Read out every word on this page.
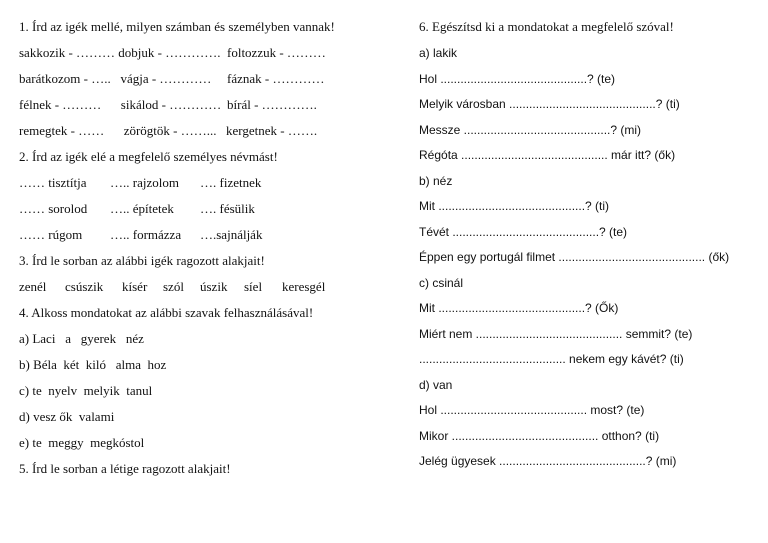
1. Írd az igék mellé, milyen számban és személyben vannak!

sakkozik - ……… dobjuk - ………….

foltozzuk - ………

barátkozom - …..   vágja - …………

fáznak - …………

félnek - ………      sikálod - …………

bírál - ………….

remegtek - ……      zörögtök - ……...

kergetnek - …….

2. Írd az igék elé a megfelelő személyes névmást!

…… tisztítja

….. rajzolom

…. fizetnek

…… sorolod

….. építetek

…. fésülik

…… rúgom

….. formázza

….sajnálják

3. Írd le sorban az alábbi igék ragozott alakjait!

zenél

csúszik

kísér

szól

úszik

síel

keresgél

4. Alkoss mondatokat az alábbi szavak felhasználásával!
a) Laci   a   gyerek   néz
b) Béla  két  kiló   alma  hoz
c) te  nyelv  melyik  tanul
d) vesz ők  valami
e) te  meggy  megkóstol
5. Írd le sorban a létige ragozott alakjait!
6. Egészítsd ki a mondatokat a megfelelő szóval!
a) lakik
Hol ............................................? (te)
Melyik városban ............................................? (ti)
Messze ............................................? (mi)
Régóta ............................................ már itt? (ők)
b) néz
Mit ............................................? (ti)
Tévét ............................................? (te)
Éppen egy portugál filmet ............................................ (ők)
c) csinál
Mit ............................................? (Ők)
Miért nem ............................................ semmit? (te)
............................................ nekem egy kávét? (ti)
d) van
Hol ............................................ most? (te)
Mikor ............................................ otthon? (ti)
Jelég ügyesek ............................................? (mi)
